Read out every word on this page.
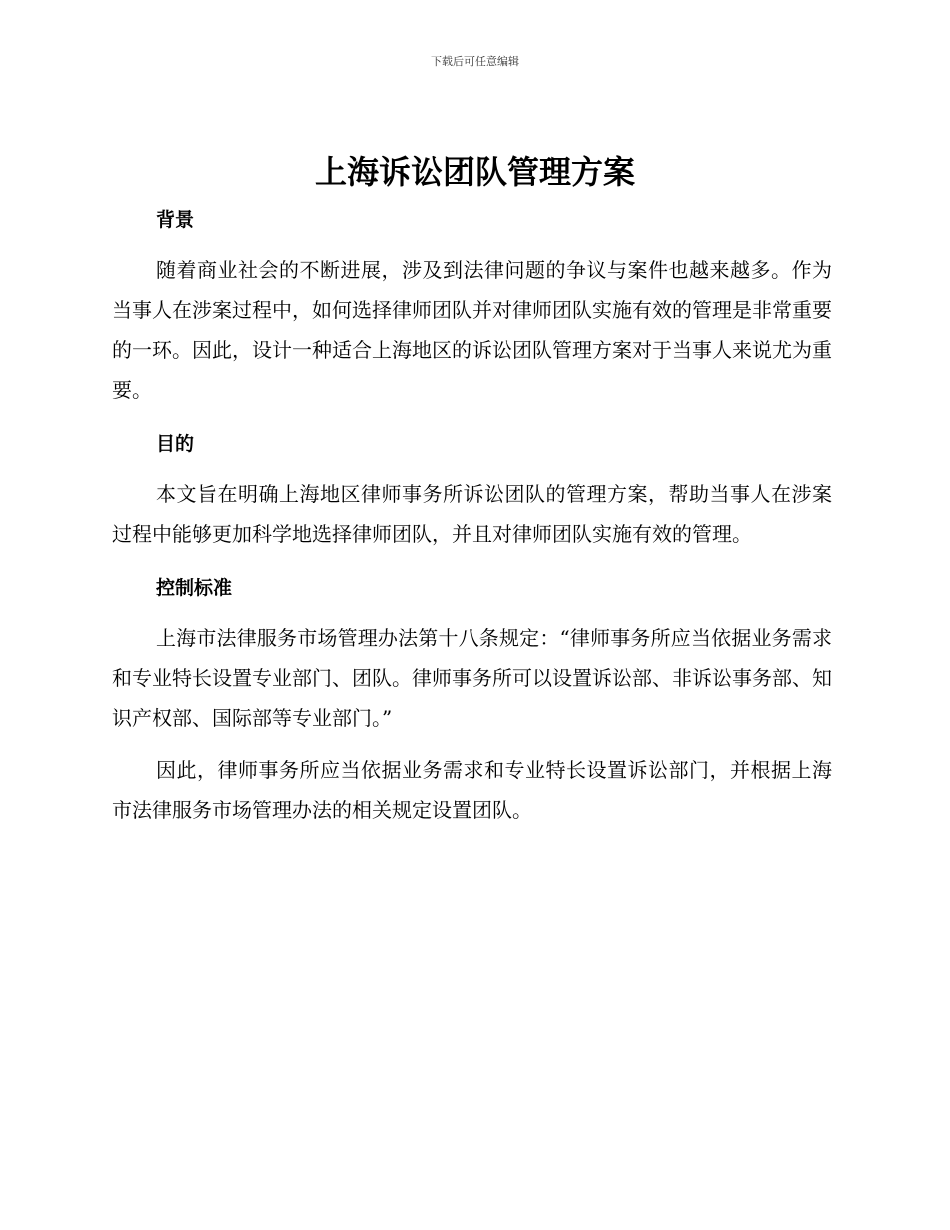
下载后可任意编辑
上海诉讼团队管理方案
背景

随着商业社会的不断进展，涉及到法律问题的争议与案件也越来越多。作为当事人在涉案过程中，如何选择律师团队并对律师团队实施有效的管理是非常重要的一环。因此，设计一种适合上海地区的诉讼团队管理方案对于当事人来说尤为重要。

目的

本文旨在明确上海地区律师事务所诉讼团队的管理方案，帮助当事人在涉案过程中能够更加科学地选择律师团队，并且对律师团队实施有效的管理。

控制标准

上海市法律服务市场管理办法第十八条规定：“律师事务所应当依据业务需求和专业特长设置专业部门、团队。律师事务所可以设置诉讼部、非诉讼事务部、知识产权部、国际部等专业部门。”

因此，律师事务所应当依据业务需求和专业特长设置诉讼部门，并根据上海市法律服务市场管理办法的相关规定设置团队。
